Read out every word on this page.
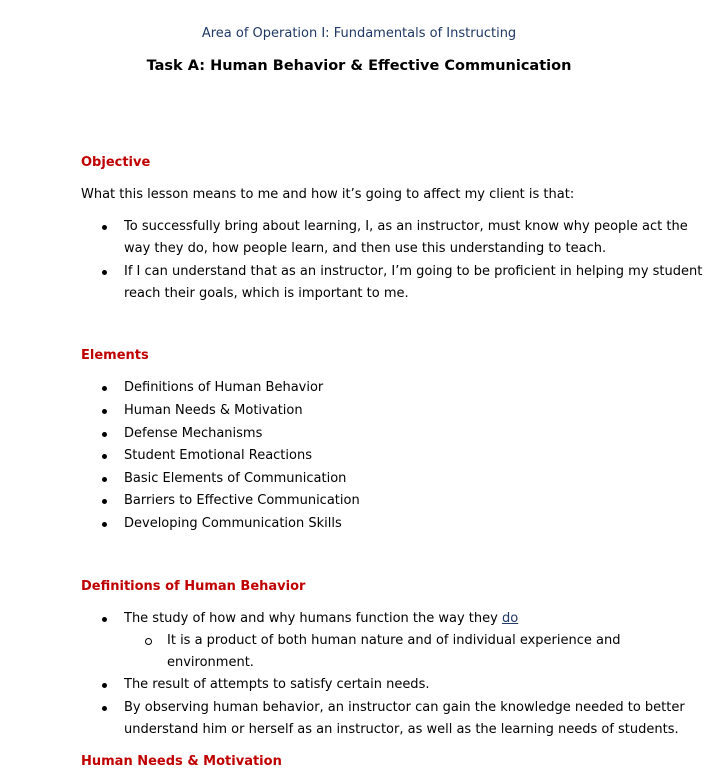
Area of Operation I: Fundamentals of Instructing
Task A: Human Behavior & Effective Communication
Objective
What this lesson means to me and how it’s going to affect my client is that:
To successfully bring about learning, I, as an instructor, must know why people act the
way they do, how people learn, and then use this understanding to teach.
If I can understand that as an instructor, I’m going to be proficient in helping my student
reach their goals, which is important to me.
Elements
Definitions of Human Behavior
Human Needs & Motivation
Defense Mechanisms
Student Emotional Reactions
Basic Elements of Communication
Barriers to Effective Communication
Developing Communication Skills
Definitions of Human Behavior
The study of how and why humans function the way they do
It is a product of both human nature and of individual experience and
environment.
The result of attempts to satisfy certain needs.
By observing human behavior, an instructor can gain the knowledge needed to better
understand him or herself as an instructor, as well as the learning needs of students.
Human Needs & Motivation
